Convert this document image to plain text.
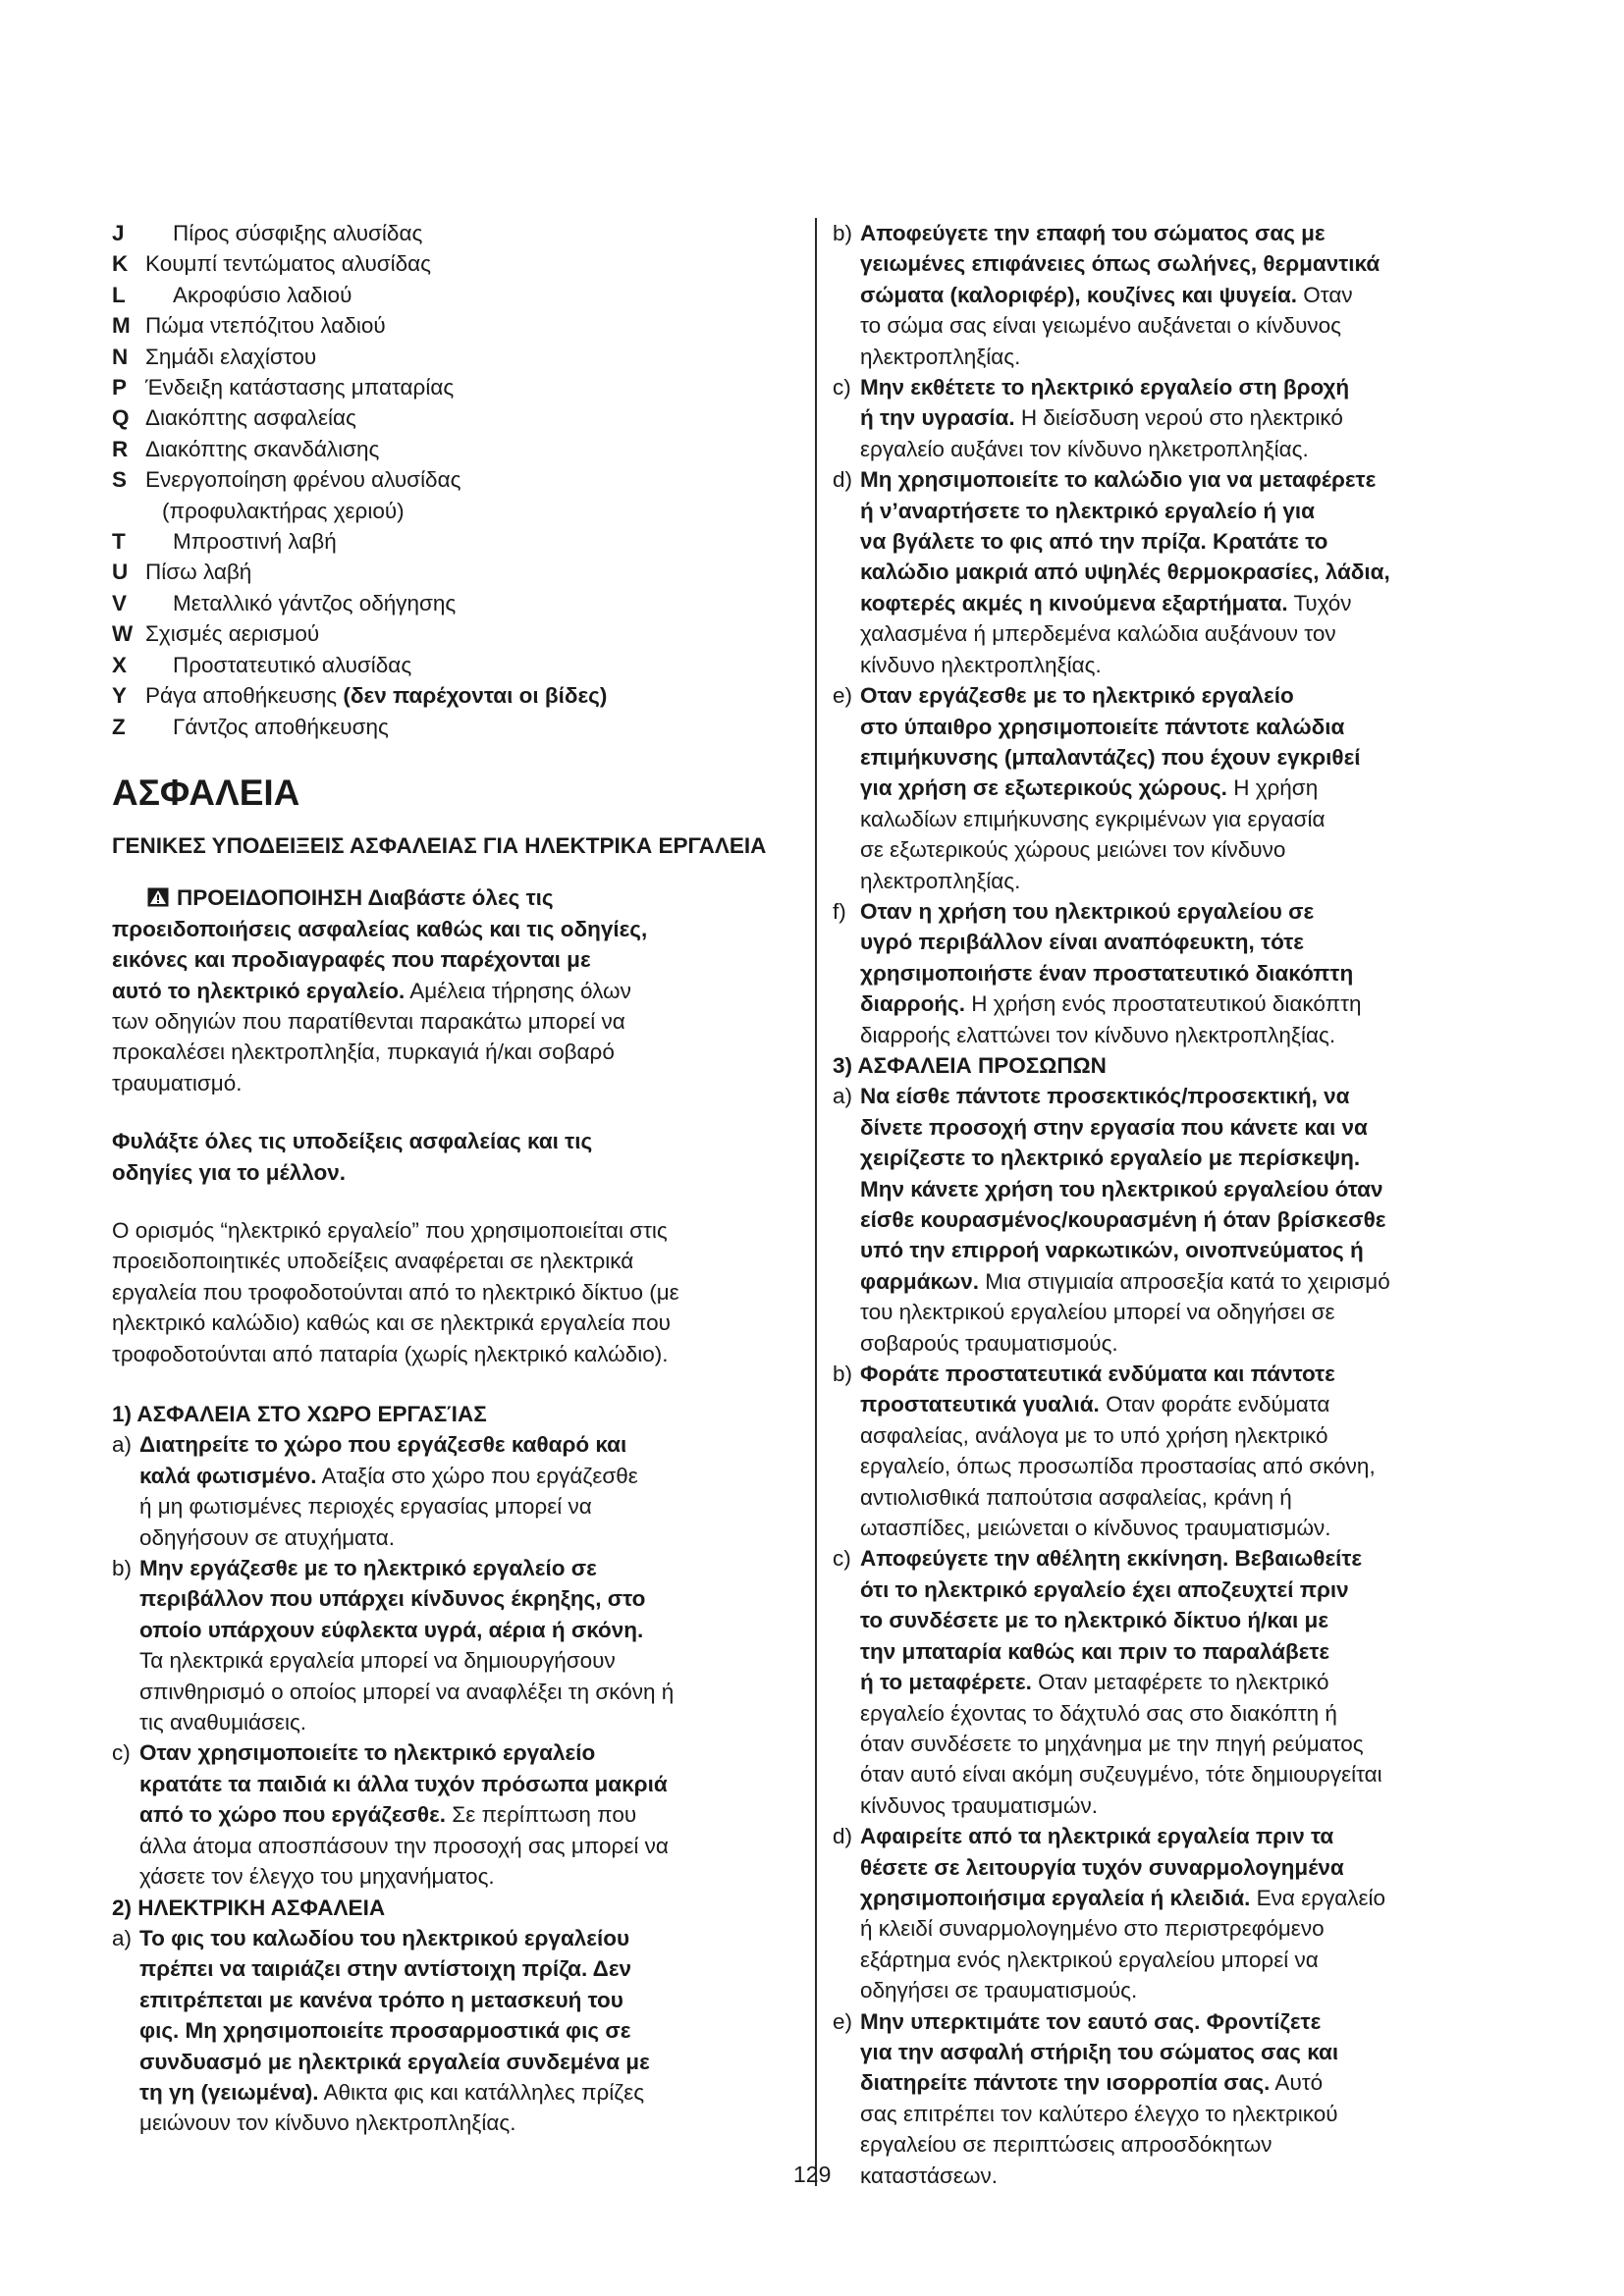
J	Πίρος σύσφιξης αλυσίδας
K Κουμπί τεντώματος αλυσίδας
L	Ακροφύσιο λαδιού
M Πώμα ντεπόζιτου λαδιού
N Σημάδι ελαχίστου
P Ένδειξη κατάστασης μπαταρίας
Q Διακόπτης ασφαλείας
R Διακόπτης σκανδάλισης
S Ενεργοποίηση φρένου αλυσίδας
(προφυλακτήρας χεριού)
T	Μπροστινή λαβή
U Πίσω λαβή
V	Μεταλλικό γάντζος οδήγησης
W Σχισμές αερισμού
X	Προστατευτικό αλυσίδας
Y Ράγα αποθήκευσης (δεν παρέχονται οι βίδες)
Z	Γάντζος αποθήκευσης
ΑΣΦΑΛΕΙΑ
ΓΕΝΙΚΕΣ ΥΠΟΔΕΙΞΕΙΣ ΑΣΦΑΛΕΙΑΣ ΓΙΑ ΗΛΕΚΤΡΙΚΑ ΕΡΓΑΛΕΙΑ
ΠΡΟΕΙΔΟΠΟΙΗΣΗ Διαβάστε όλες τις
προειδοποιήσεις ασφαλείας καθώς και τις οδηγίες,
εικόνες και προδιαγραφές που παρέχονται με
αυτό το ηλεκτρικό εργαλείο. Αμέλεια τήρησης όλων
των οδηγιών που παρατίθενται παρακάτω μπορεί να
προκαλέσει ηλεκτροπληξία, πυρκαγιά ή/και σοβαρό
τραυματισμό.
Φυλάξτε όλες τις υποδείξεις ασφαλείας και τις
οδηγίες για το μέλλον.
Ο ορισμός “ηλεκτρικό εργαλείο” που χρησιμοποιείται στις
προειδοποιητικές υποδείξεις αναφέρεται σε ηλεκτρικά
εργαλεία που τροφοδοτούνται από το ηλεκτρικό δίκτυο (με
ηλεκτρικό καλώδιο) καθώς και σε ηλεκτρικά εργαλεία που
τροφοδοτούνται από παταρία (χωρίς ηλεκτρικό καλώδιο).
1) ΑΣΦΑΛΕΙΑ ΣΤΟ ΧΩΡΟ ΕΡΓΑΣΊΑΣ
a) Διατηρείτε το χώρο που εργάζεσθε καθαρό και
καλά φωτισμένο. Αταξία στο χώρο που εργάζεσθε
ή μη φωτισμένες περιοχές εργασίας μπορεί να
οδηγήσουν σε ατυχήματα.
b) Μην εργάζεσθε με το ηλεκτρικό εργαλείο σε
περιβάλλον που υπάρχει κίνδυνος έκρηξης, στο
οποίο υπάρχουν εύφλεκτα υγρά, αέρια ή σκόνη.
Τα ηλεκτρικά εργαλεία μπορεί να δημιουργήσουν
σπινθηρισμό ο οποίος μπορεί να αναφλέξει τη σκόνη ή
τις αναθυμιάσεις.
c) Οταν χρησιμοποιείτε το ηλεκτρικό εργαλείο
κρατάτε τα παιδιά κι άλλα τυχόν πρόσωπα μακριά
από το χώρο που εργάζεσθε. Σε περίπτωση που
άλλα άτομα αποσπάσουν την προσοχή σας μπορεί να
χάσετε τον έλεγχο του μηχανήματος.
2) ΗΛΕΚΤΡΙΚΗ ΑΣΦΑΛΕΙΑ
a) Το φις του καλωδίου του ηλεκτρικού εργαλείου
πρέπει να ταιριάζει στην αντίστοιχη πρίζα. Δεν
επιτρέπεται με κανένα τρόπο η μετασκευή του
φις. Μη χρησιμοποιείτε προσαρμοστικά φις σε
συνδυασμό με ηλεκτρικά εργαλεία συνδεμένα με
τη γη (γειωμένα). Αθικτα φις και κατάλληλες πρίζες
μειώνουν τον κίνδυνο ηλεκτροπληξίας.
b) Αποφεύγετε την επαφή του σώματος σας με
γειωμένες επιφάνειες όπως σωλήνες, θερμαντικά
σώματα (καλοριφέρ), κουζίνες και ψυγεία. Οταν
το σώμα σας είναι γειωμένο αυξάνεται ο κίνδυνος
ηλεκτροπληξίας.
c) Μην εκθέτετε το ηλεκτρικό εργαλείο στη βροχή
ή την υγρασία. Η διείσδυση νερού στο ηλεκτρικό
εργαλείο αυξάνει τον κίνδυνο ηλκετροπληξίας.
d) Μη χρησιμοποιείτε το καλώδιο για να μεταφέρετε
ή ν’αναρτήσετε το ηλεκτρικό εργαλείο ή για
να βγάλετε το φις από την πρίζα. Κρατάτε το
καλώδιο μακριά από υψηλές θερμοκρασίες, λάδια,
κοφτερές ακμές η κινούμενα εξαρτήματα. Τυχόν
χαλασμένα ή μπερδεμένα καλώδια αυξάνουν τον
κίνδυνο ηλεκτροπληξίας.
e) Οταν εργάζεσθε με το ηλεκτρικό εργαλείο
στο ύπαιθρο χρησιμοποιείτε πάντοτε καλώδια
επιμήκυνσης (μπαλαντάζες) που έχουν εγκριθεί
για χρήση σε εξωτερικούς χώρους. Η χρήση
καλωδίων επιμήκυνσης εγκριμένων για εργασία
σε εξωτερικούς χώρους μειώνει τον κίνδυνο
ηλεκτροπληξίας.
f) Οταν η χρήση του ηλεκτρικού εργαλείου σε
υγρό περιβάλλον είναι αναπόφευκτη, τότε
χρησιμοποιήστε έναν προστατευτικό διακόπτη
διαρροής. Η χρήση ενός προστατευτικού διακόπτη
διαρροής ελαττώνει τον κίνδυνο ηλεκτροπληξίας.
3) ΑΣΦΑΛΕΙΑ ΠΡΟΣΩΠΩΝ
a) Να είσθε πάντοτε προσεκτικός/προσεκτική, να
δίνετε προσοχή στην εργασία που κάνετε και να
χειρίζεστε το ηλεκτρικό εργαλείο με περίσκεψη.
Μην κάνετε χρήση του ηλεκτρικού εργαλείου όταν
είσθε κουρασμένος/κουρασμένη ή όταν βρίσκεσθε
υπό την επιρροή ναρκωτικών, οινοπνεύματος ή
φαρμάκων. Μια στιγμιαία απροσεξία κατά το χειρισμό
του ηλεκτρικού εργαλείου μπορεί να οδηγήσει σε
σοβαρούς τραυματισμούς.
b) Φοράτε προστατευτικά ενδύματα και πάντοτε
προστατευτικά γυαλιά. Οταν φοράτε ενδύματα
ασφαλείας, ανάλογα με το υπό χρήση ηλεκτρικό
εργαλείο, όπως προσωπίδα προστασίας από σκόνη,
αντιολισθικά παπούτσια ασφαλείας, κράνη ή
ωτασπίδες, μειώνεται ο κίνδυνος τραυματισμών.
c) Αποφεύγετε την αθέλητη εκκίνηση. Βεβαιωθείτε
ότι το ηλεκτρικό εργαλείο έχει αποζευχτεί πριν
το συνδέσετε με το ηλεκτρικό δίκτυο ή/και με
την μπαταρία καθώς και πριν το παραλάβετε
ή το μεταφέρετε. Οταν μεταφέρετε το ηλεκτρικό
εργαλείο έχοντας το δάχτυλό σας στο διακόπτη ή
όταν συνδέσετε το μηχάνημα με την πηγή ρεύματος
όταν αυτό είναι ακόμη συζευγμένο, τότε δημιουργείται
κίνδυνος τραυματισμών.
d) Αφαιρείτε από τα ηλεκτρικά εργαλεία πριν τα
θέσετε σε λειτουργία τυχόν συναρμολογημένα
χρησιμοποιήσιμα εργαλεία ή κλειδιά. Ενα εργαλείο
ή κλειδί συναρμολογημένο στο περιστρεφόμενο
εξάρτημα ενός ηλεκτρικού εργαλείου μπορεί να
οδηγήσει σε τραυματισμούς.
e) Μην υπερκτιμάτε τον εαυτό σας. Φροντίζετε
για την ασφαλή στήριξη του σώματος σας και
διατηρείτε πάντοτε την ισορροπία σας. Αυτό
σας επιτρέπει τον καλύτερο έλεγχο το ηλεκτρικού
εργαλείου σε περιπτώσεις απροσδόκητων
καταστάσεων.
129
